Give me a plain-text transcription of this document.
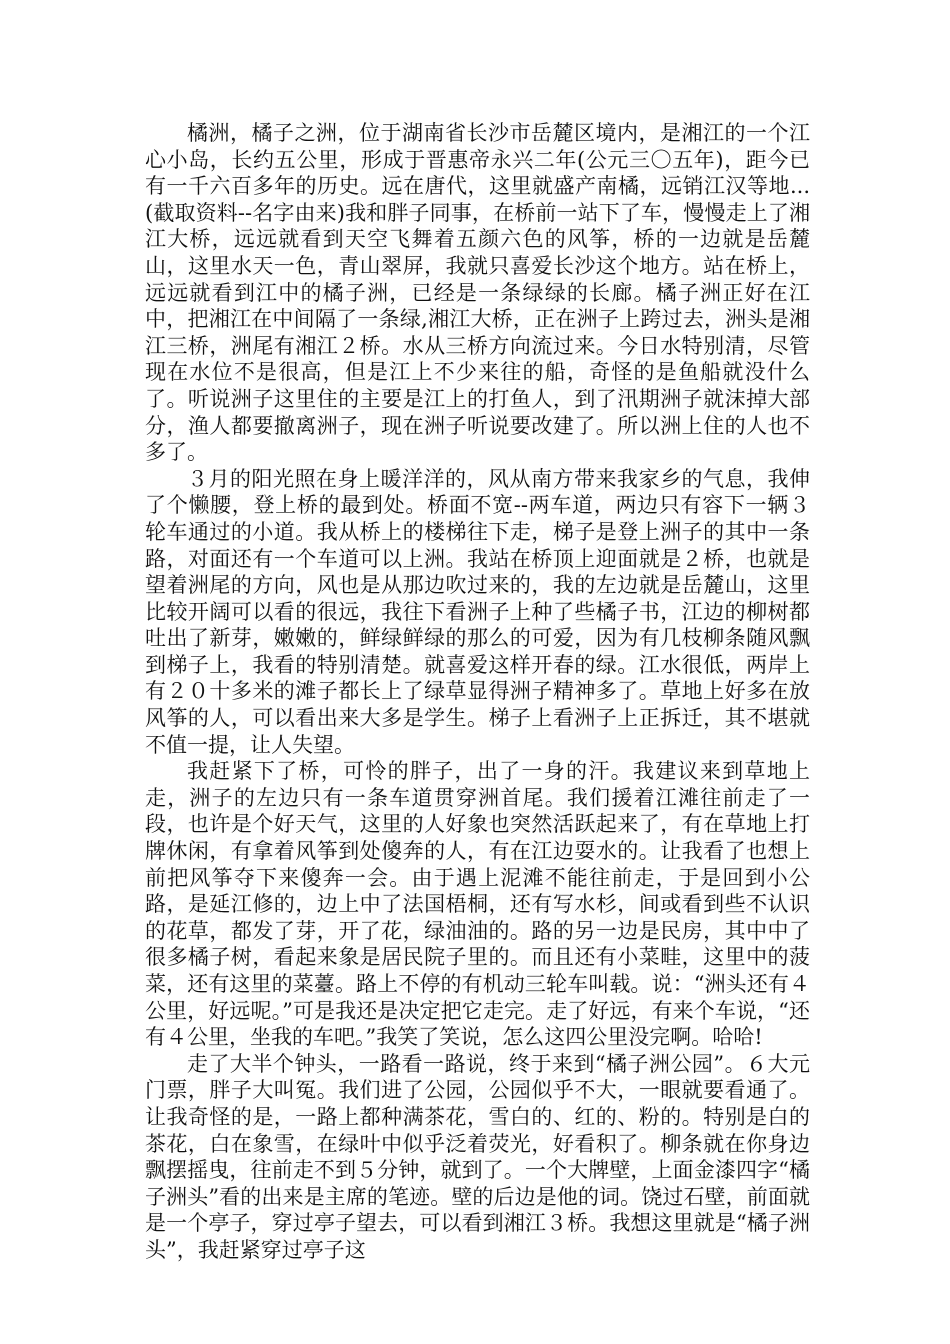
橘洲，橘子之洲，位于湖南省长沙市岳麓区境内，是湘江的一个江心小岛，长约五公里，形成于晋惠帝永兴二年(公元三〇五年)，距今已有一千六百多年的历史。远在唐代，这里就盛产南橘，远销江汉等地...(截取资料--名字由来)我和胖子同事，在桥前一站下了车，慢慢走上了湘江大桥，远远就看到天空飞舞着五颜六色的风筝，桥的一边就是岳麓山，这里水天一色，青山翠屏，我就只喜爱长沙这个地方。站在桥上，远远就看到江中的橘子洲，已经是一条绿绿的长廊。橘子洲正好在江中，把湘江在中间隔了一条绿,湘江大桥，正在洲子上跨过去，洲头是湘江三桥，洲尾有湘江２桥。水从三桥方向流过来。今日水特别清，尽管现在水位不是很高，但是江上不少来往的船，奇怪的是鱼船就没什么了。听说洲子这里住的主要是江上的打鱼人，到了汛期洲子就沫掉大部分，渔人都要撤离洲子，现在洲子听说要改建了。所以洲上住的人也不多了。

３月的阳光照在身上暖洋洋的，风从南方带来我家乡的气息，我伸了个懒腰，登上桥的最到处。桥面不宽--两车道，两边只有容下一辆３轮车通过的小道。我从桥上的楼梯往下走，梯子是登上洲子的其中一条路，对面还有一个车道可以上洲。我站在桥顶上迎面就是２桥，也就是望着洲尾的方向，风也是从那边吹过来的，我的左边就是岳麓山，这里比较开阔可以看的很远，我往下看洲子上种了些橘子书，江边的柳树都吐出了新芽，嫩嫩的，鲜绿鲜绿的那么的可爱，因为有几枝柳条随风飘到梯子上，我看的特别清楚。就喜爱这样开春的绿。江水很低，两岸上有２０十多米的滩子都长上了绿草显得洲子精神多了。草地上好多在放风筝的人，可以看出来大多是学生。梯子上看洲子上正拆迁，其不堪就不值一提，让人失望。

我赶紧下了桥，可怜的胖子，出了一身的汗。我建议来到草地上走，洲子的左边只有一条车道贯穿洲首尾。我们援着江滩往前走了一段，也许是个好天气，这里的人好象也突然活跃起来了，有在草地上打牌休闲，有拿着风筝到处傻奔的人，有在江边耍水的。让我看了也想上前把风筝夺下来傻奔一会。由于遇上泥滩不能往前走，于是回到小公路，是延江修的，边上中了法国梧桐，还有写水杉，间或看到些不认识的花草，都发了芽，开了花，绿油油的。路的另一边是民房，其中中了很多橘子树，看起来象是居民院子里的。而且还有小菜畦，这里中的菠菜，还有这里的菜薹。路上不停的有机动三轮车叫载。说：“洲头还有４公里，好远呢。”可是我还是决定把它走完。走了好远，有来个车说，“还有４公里，坐我的车吧。”我笑了笑说，怎么这四公里没完啊。哈哈!

走了大半个钟头，一路看一路说，终于来到“橘子洲公园”。６大元门票，胖子大叫冤。我们进了公园，公园似乎不大，一眼就要看通了。让我奇怪的是，一路上都种满茶花，雪白的、红的、粉的。特别是白的茶花，白在象雪，在绿叶中似乎泛着荧光，好看积了。柳条就在你身边飘摆摇曳，往前走不到５分钟，就到了。一个大牌壁，上面金漆四字“橘子洲头”看的出来是主席的笔迹。壁的后边是他的词。饶过石壁，前面就是一个亭子，穿过亭子望去，可以看到湘江３桥。我想这里就是“橘子洲头”，我赶紧穿过亭子这
